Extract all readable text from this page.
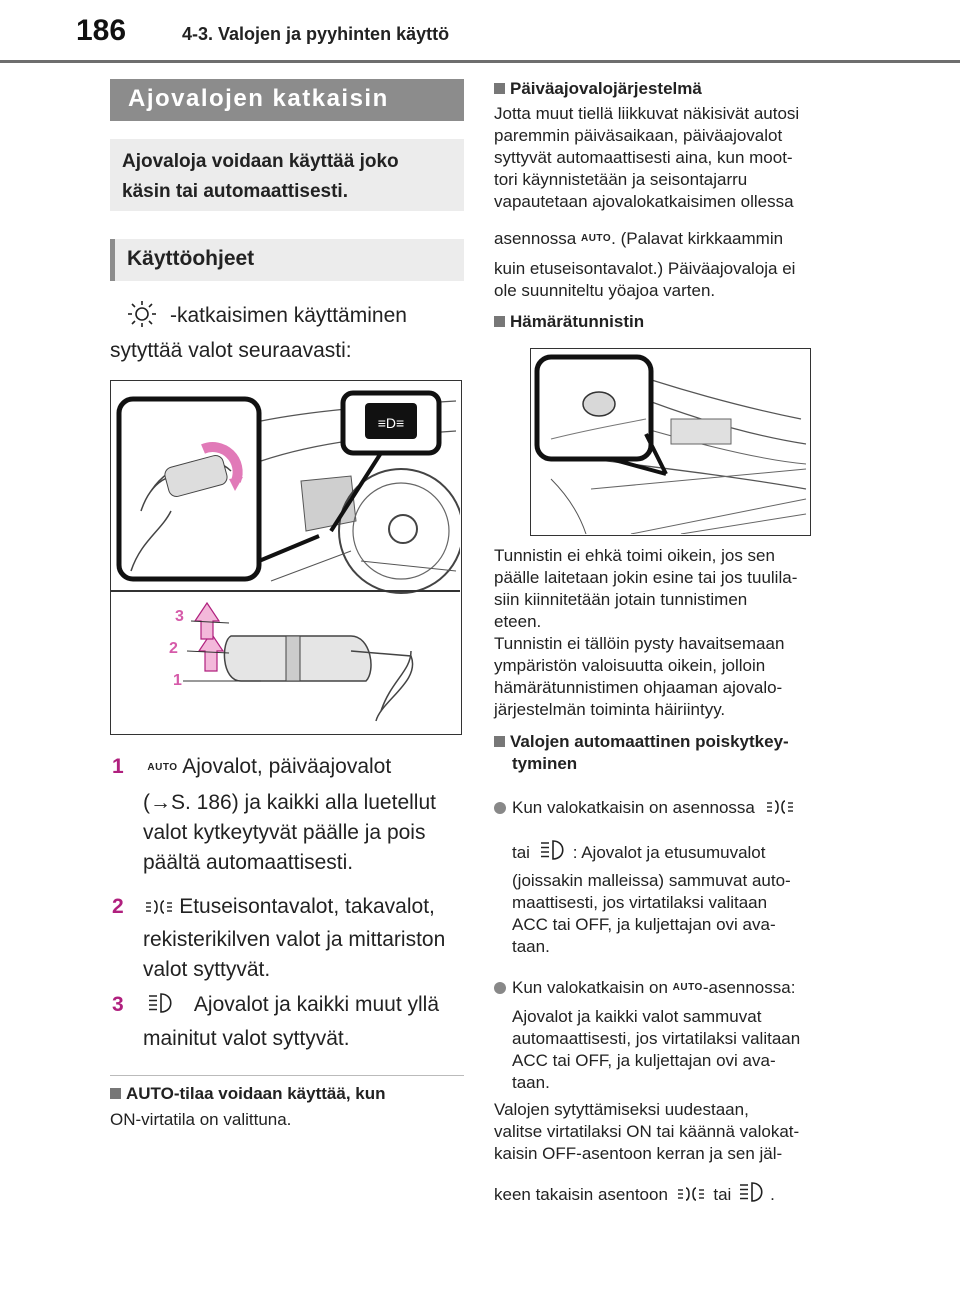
186	4-3. Valojen ja pyyhinten käyttö
Ajovalojen katkaisin
Ajovaloja voidaan käyttää joko
käsin tai automaattisesti.
Käyttöohjeet
-katkaisimen käyttäminen
sytyttää valot seuraavasti:
≡D≡
3
2
1
1 AUTO Ajovalot, päiväajovalot
(→S. 186) ja kaikki alla luetellut
valot kytkeytyvät päälle ja pois
päältä automaattisesti.
2	Etuseisontavalot, takavalot,
rekisterikilven valot ja mittariston
valot syttyvät.
3	Ajovalot ja kaikki muut yllä
mainitut valot syttyvät.
AUTO-tilaa voidaan käyttää, kun
ON-virtatila on valittuna.
Päiväajovalojärjestelmä
Jotta muut tiellä liikkuvat näkisivät autosi
paremmin päiväsaikaan, päiväajovalot
syttyvät automaattisesti aina, kun moot-
tori käynnistetään ja seisontajarru
vapautetaan ajovalokatkaisimen ollessa
asennossa AUTO. (Palavat kirkkaammin
kuin etuseisontavalot.) Päiväajovaloja ei
ole suunniteltu yöajoa varten.
Hämärätunnistin
Tunnistin ei ehkä toimi oikein, jos sen
päälle laitetaan jokin esine tai jos tuulila-
siin kiinnitetään jotain tunnistimen
eteen.
Tunnistin ei tällöin pysty havaitsemaan
ympäristön valoisuutta oikein, jolloin
hämärätunnistimen ohjaaman ajovalo-
järjestelmän toiminta häiriintyy.
Valojen automaattinen poiskytkey-
tyminen
Kun valokatkaisin on asennossa
tai	: Ajovalot ja etusumuvalot
(joissakin malleissa) sammuvat auto-
maattisesti, jos virtatilaksi valitaan
ACC tai OFF, ja kuljettajan ovi ava-
taan.
Kun valokatkaisin on AUTO-asennossa:
Ajovalot ja kaikki valot sammuvat
automaattisesti, jos virtatilaksi valitaan
ACC tai OFF, ja kuljettajan ovi ava-
taan.
Valojen sytyttämiseksi uudestaan,
valitse virtatilaksi ON tai käännä valokat-
kaisin OFF-asentoon kerran ja sen jäl-
keen takaisin asentoon	tai .
